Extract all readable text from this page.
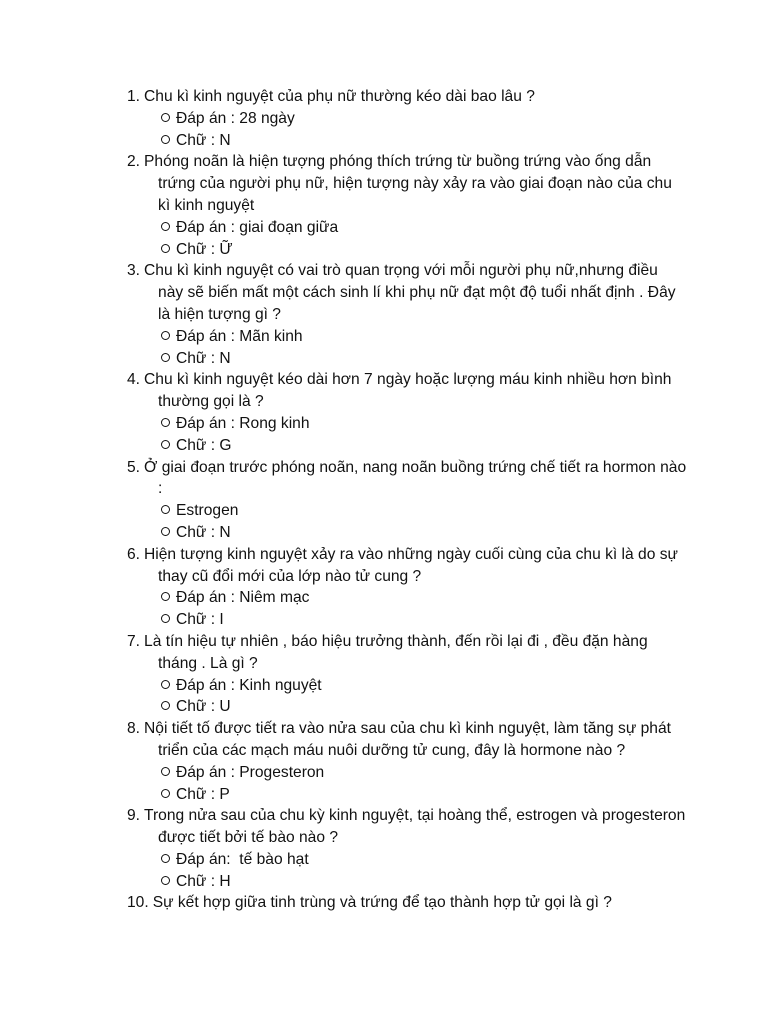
1. Chu kì kinh nguyệt của phụ nữ thường kéo dài bao lâu ?
Đáp án : 28 ngày
Chữ : N
2. Phóng noãn là hiện tượng phóng thích trứng từ buồng trứng vào ống dẫn trứng của người phụ nữ, hiện tượng này xảy ra vào giai đoạn nào của chu kì kinh nguyệt
Đáp án : giai đoạn giữa
Chữ : Ữ
3. Chu kì kinh nguyệt có vai trò quan trọng với mỗi người phụ nữ,nhưng điều này sẽ biến mất một cách sinh lí khi phụ nữ đạt một độ tuổi nhất định . Đây là hiện tượng gì ?
Đáp án : Mãn kinh
Chữ : N
4. Chu kì kinh nguyệt kéo dài hơn 7 ngày hoặc lượng máu kinh nhiều hơn bình thường gọi là ?
Đáp án : Rong kinh
Chữ : G
5. Ở giai đoạn trước phóng noãn, nang noãn buồng trứng chế tiết ra hormon nào :
Estrogen
Chữ : N
6. Hiện tượng kinh nguyệt xảy ra vào những ngày cuối cùng của chu kì là do sự thay cũ đổi mới của lớp nào tử cung ?
Đáp án : Niêm mạc
Chữ : I
7. Là tín hiệu tự nhiên , báo hiệu trưởng thành, đến rồi lại đi , đều đặn hàng tháng . Là gì ?
Đáp án : Kinh nguyệt
Chữ : U
8. Nội tiết tố được tiết ra vào nửa sau của chu kì kinh nguyệt, làm tăng sự phát triển của các mạch máu nuôi dưỡng tử cung, đây là hormone nào ?
Đáp án : Progesteron
Chữ : P
9. Trong nửa sau của chu kỳ kinh nguyệt, tại hoàng thể, estrogen và progesteron được tiết bởi tế bào nào ?
Đáp án:  tế bào hạt
Chữ : H
10. Sự kết hợp giữa tinh trùng và trứng để tạo thành hợp tử gọi là gì ?
